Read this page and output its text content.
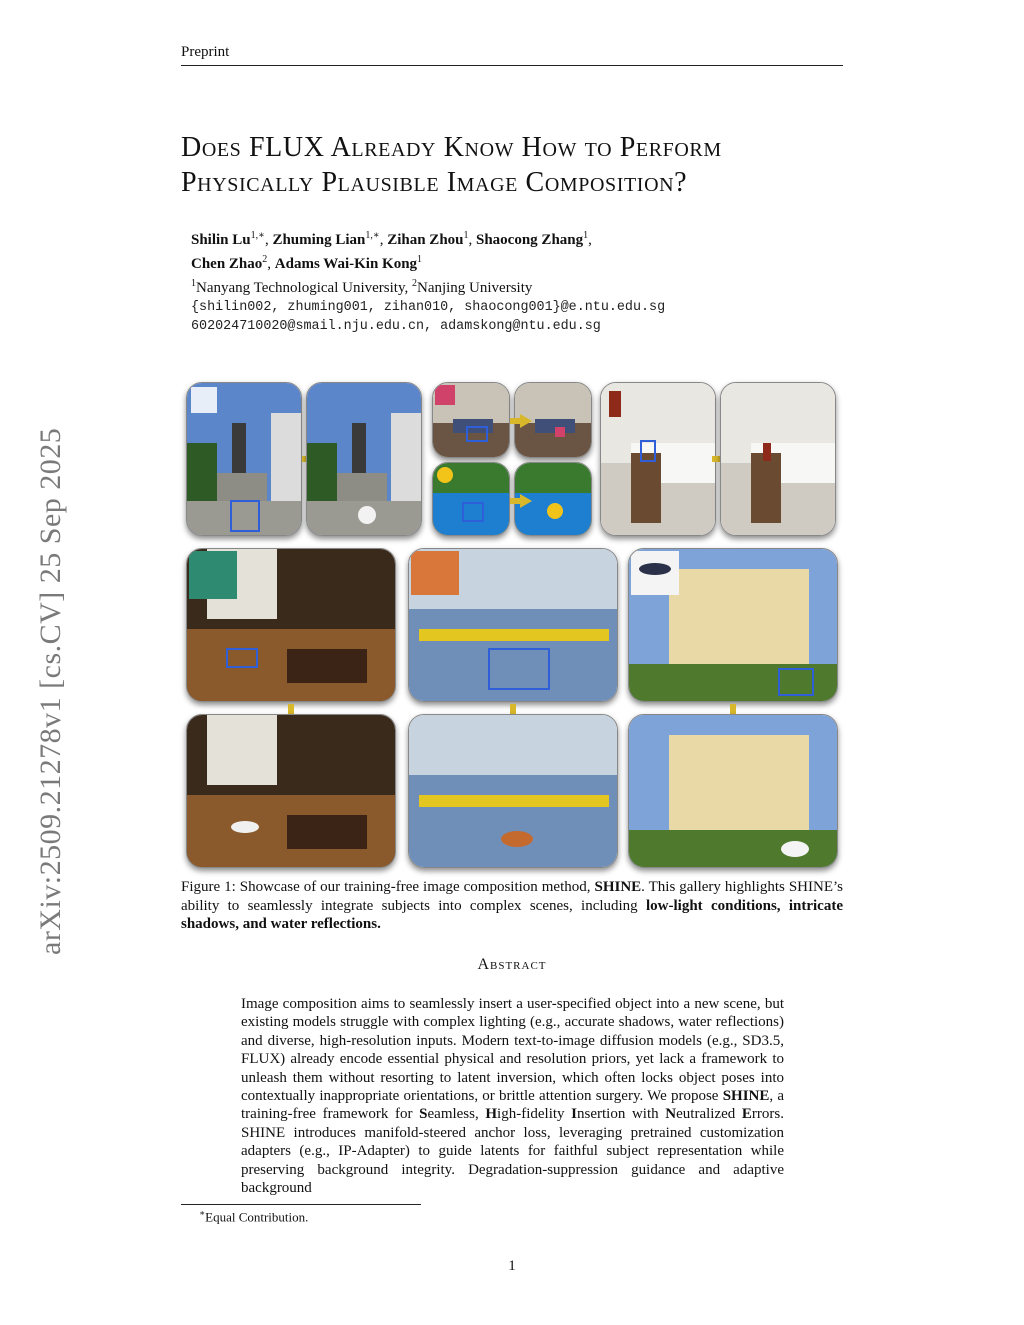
Preprint
arXiv:2509.21278v1 [cs.CV] 25 Sep 2025
Does FLUX Already Know How to Perform
Physically Plausible Image Composition?
Shilin $Lu^{1,∗}$, Zhuming Lian$^{1,∗}$, Zihan Zhou$^1$, Shaocong Zhang$^1$,
Chen Zhao$^2$, Adams Wai-Kin Kong$^1$
$^1$Nanyang Technological University, $^2$Nanjing University
{shilin002, zhuming001, zihan010, shaocong001}@e.ntu.edu.sg
602024710020@smail.nju.edu.cn, adamskong@ntu.edu.sg
Figure 1: Showcase of our training-free image composition method, SHINE. This gallery highlights SHINE’s ability to seamlessly integrate subjects into complex scenes, including low-light conditions, intricate shadows, and water reflections.
Abstract
Image composition aims to seamlessly insert a user-specified object into a new scene, but existing models struggle with complex lighting (e.g., accurate shadows, water reflections) and diverse, high-resolution inputs. Modern text-to-image diffusion models (e.g., SD3.5, FLUX) already encode essential physical and resolution priors, yet lack a framework to unleash them without resorting to latent inversion, which often locks object poses into contextually inappropriate orientations, or brittle attention surgery. We propose SHINE, a training-free framework for Seamless, High-fidelity Insertion with Neutralized Errors. SHINE introduces manifold-steered anchor loss, leveraging pretrained customization adapters (e.g., IP-Adapter) to guide latents for faithful subject representation while preserving background integrity. Degradation-suppression guidance and adaptive background
∗Equal Contribution.
1
